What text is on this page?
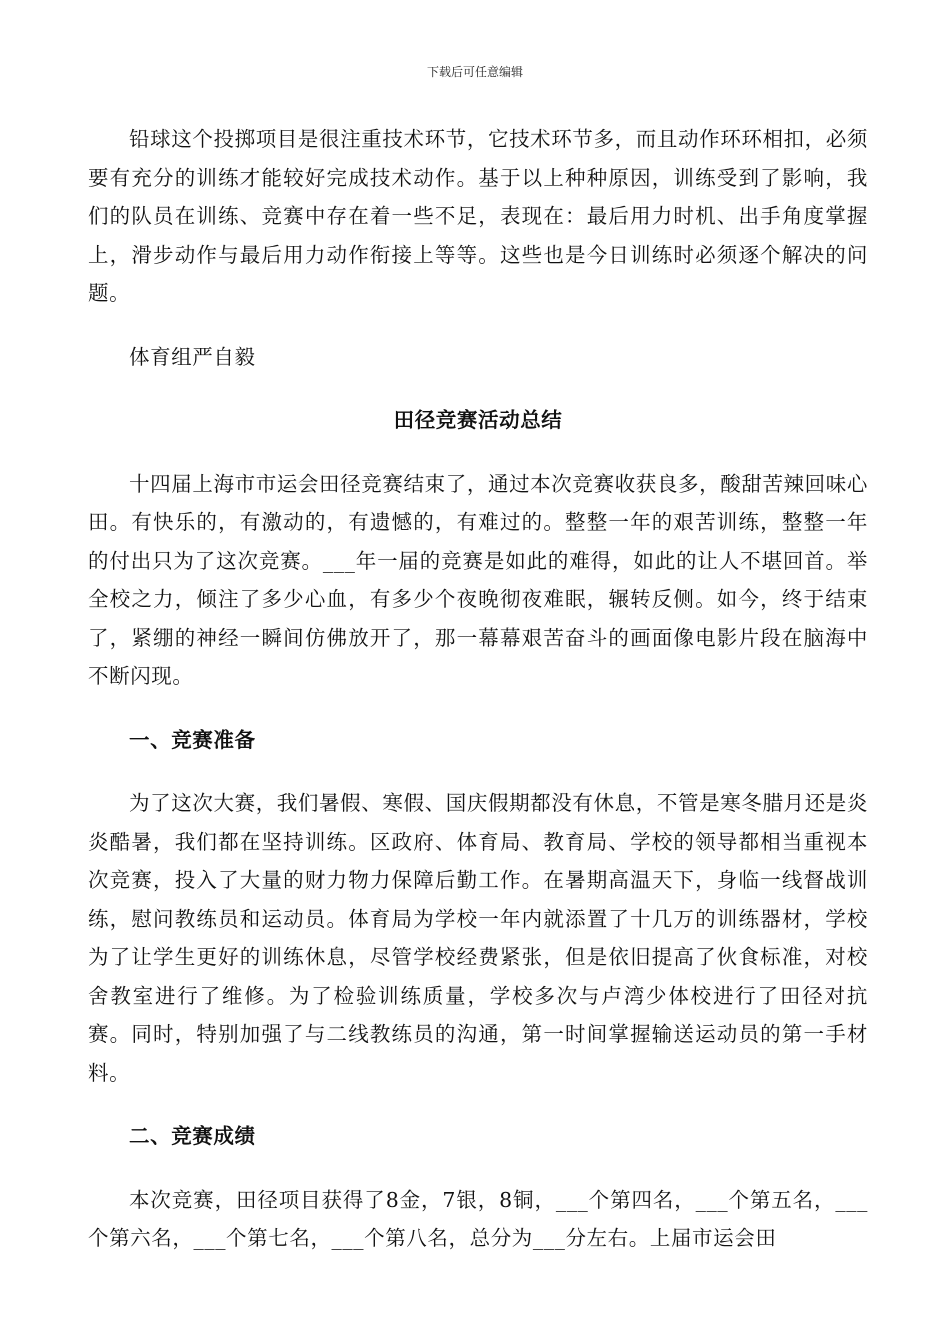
下载后可任意编辑

铅球这个投掷项目是很注重技术环节，它技术环节多，而且动作环环相扣，必须要有充分的训练才能较好完成技术动作。基于以上种种原因，训练受到了影响，我们的队员在训练、竞赛中存在着一些不足，表现在：最后用力时机、出手角度掌握上，滑步动作与最后用力动作衔接上等等。这些也是今日训练时必须逐个解决的问题。

体育组严自毅

田径竞赛活动总结

十四届上海市市运会田径竞赛结束了，通过本次竞赛收获良多，酸甜苦辣回味心田。有快乐的，有激动的，有遗憾的，有难过的。整整一年的艰苦训练，整整一年的付出只为了这次竞赛。___年一届的竞赛是如此的难得，如此的让人不堪回首。举全校之力，倾注了多少心血，有多少个夜晚彻夜难眠，辗转反侧。如今，终于结束了，紧绷的神经一瞬间仿佛放开了，那一幕幕艰苦奋斗的画面像电影片段在脑海中不断闪现。

一、竞赛准备

为了这次大赛，我们暑假、寒假、国庆假期都没有休息，不管是寒冬腊月还是炎炎酷暑，我们都在坚持训练。区政府、体育局、教育局、学校的领导都相当重视本次竞赛，投入了大量的财力物力保障后勤工作。在暑期高温天下，身临一线督战训练，慰问教练员和运动员。体育局为学校一年内就添置了十几万的训练器材，学校为了让学生更好的训练休息，尽管学校经费紧张，但是依旧提高了伙食标准，对校舍教室进行了维修。为了检验训练质量，学校多次与卢湾少体校进行了田径对抗赛。同时，特别加强了与二线教练员的沟通，第一时间掌握输送运动员的第一手材料。

二、竞赛成绩

本次竞赛，田径项目获得了8金，7银，8铜，___个第四名，___个第五名，___个第六名，___个第七名，___个第八名，总分为___分左右。上届市运会田
